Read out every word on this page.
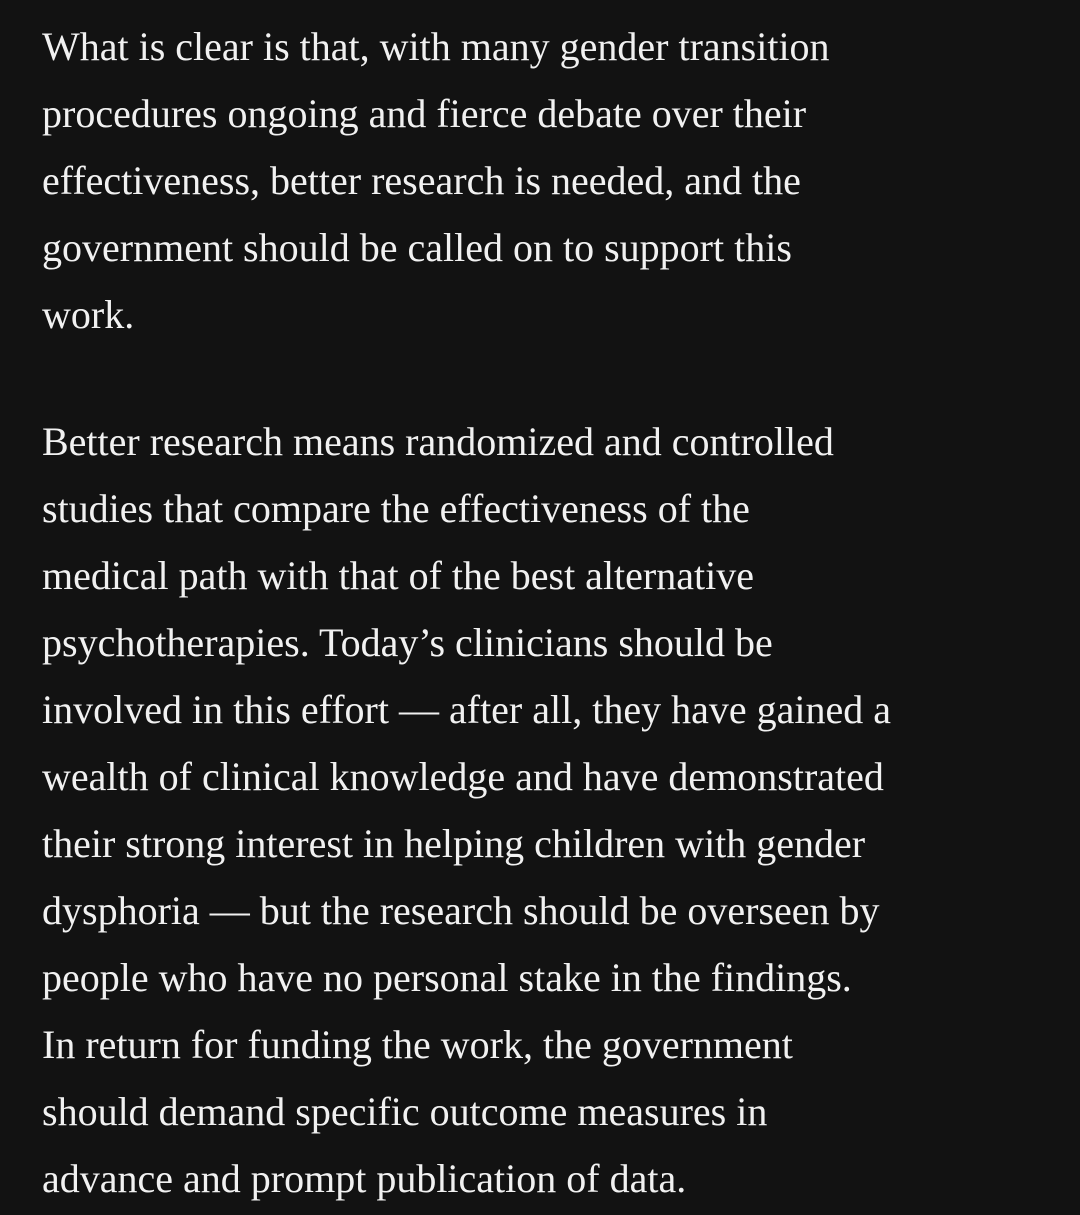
What is clear is that, with many gender transition
procedures ongoing and fierce debate over their
effectiveness, better research is needed, and the
government should be called on to support this
work.

Better research means randomized and controlled
studies that compare the effectiveness of the
medical path with that of the best alternative
psychotherapies. Today’s clinicians should be
involved in this effort — after all, they have gained a
wealth of clinical knowledge and have demonstrated
their strong interest in helping children with gender
dysphoria — but the research should be overseen by
people who have no personal stake in the findings.
In return for funding the work, the government
should demand specific outcome measures in
advance and prompt publication of data.
